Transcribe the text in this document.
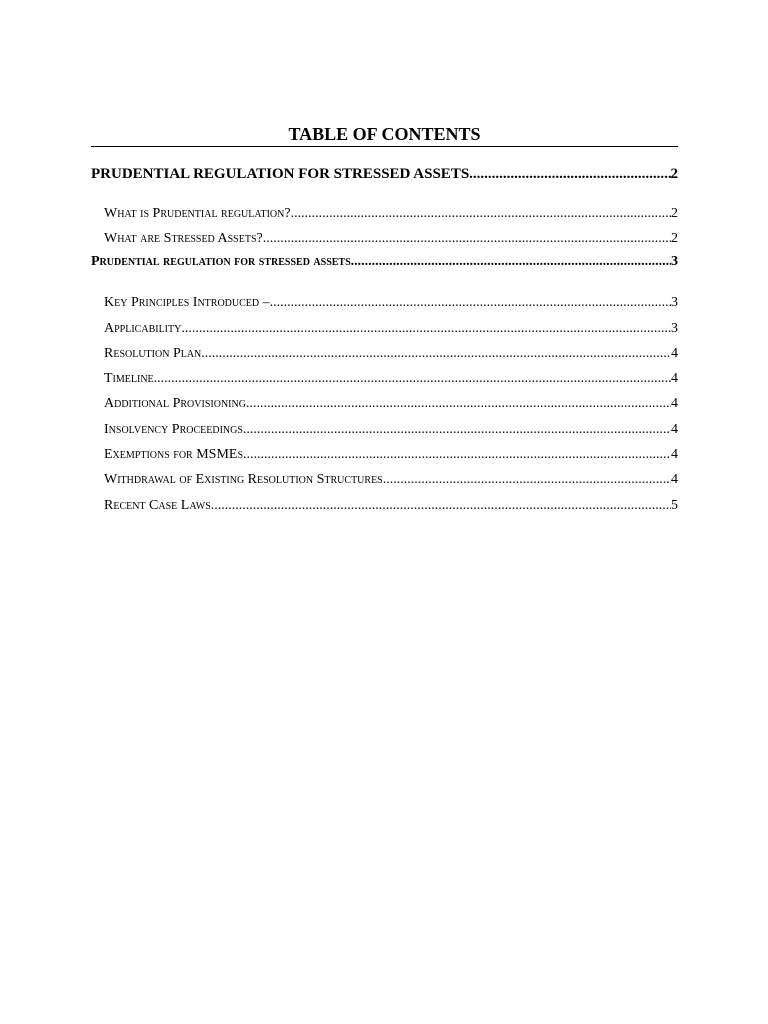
TABLE OF CONTENTS
PRUDENTIAL REGULATION FOR STRESSED ASSETS .....	2
What is Prudential regulation? .....	2
What are Stressed Assets? .....	2
Prudential regulation for stressed assets .....	3
Key Principles Introduced – .....	3
Applicability .....	3
Resolution Plan .....	4
Timeline .....	4
Additional Provisioning .....	4
Insolvency Proceedings .....	4
Exemptions for MSMEs .....	4
Withdrawal of Existing Resolution Structures .....	4
Recent Case Laws .....	5
